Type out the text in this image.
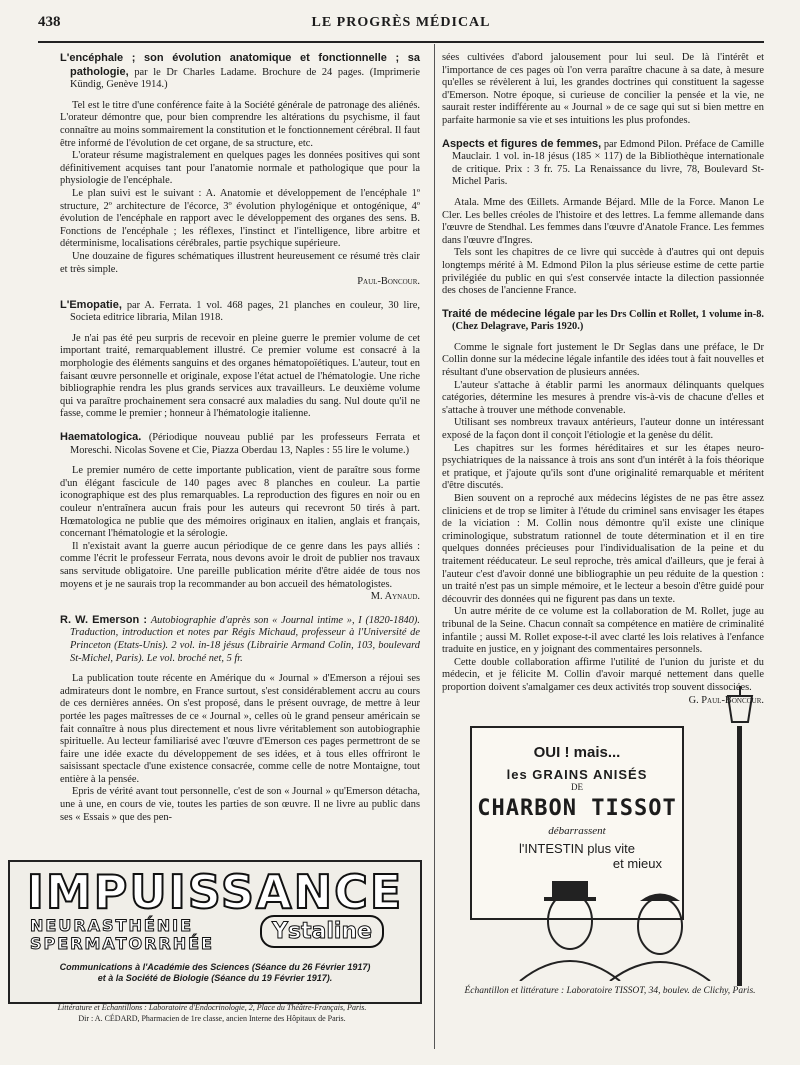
438	LE PROGRÈS MÉDICAL

L'encéphale ; son évolution anatomique et fonctionnelle ; sa pathologie, par le Dr Charles Ladame. Brochure de 24 pages. (Imprimerie Kündig, Genève 1914.)

Tel est le titre d'une conférence faite à la Société générale de patronage des aliénés. L'orateur démontre que, pour bien comprendre les altérations du psychisme, il faut connaître au moins sommairement la constitution et le fonctionnement cérébral. Il faut être informé de l'évolution de cet organe, de sa structure, etc.

L'orateur résume magistralement en quelques pages les données positives qui sont définitivement acquises tant pour l'anatomie normale et pathologique que pour la physiologie de l'encéphale.

Le plan suivi est le suivant : A. Anatomie et développement de l'encéphale 1º structure, 2º architecture de l'écorce, 3º évolution phylogénique et ontogénique, 4º évolution de l'encéphale en rapport avec le développement des organes des sens. B. Fonctions de l'encéphale ; les réflexes, l'instinct et l'intelligence, libre arbitre et déterminisme, localisations cérébrales, partie psychique supérieure.

Une douzaine de figures schématiques illustrent heureusement ce résumé très clair et très simple.

Paul-Boncour.

L'Emopatie, par A. Ferrata. 1 vol. 468 pages, 21 planches en couleur, 30 lire, Societa editrice libraria, Milan 1918.

Je n'ai pas été peu surpris de recevoir en pleine guerre le premier volume de cet important traité, remarquablement illustré. Ce premier volume est consacré à la morphologie des éléments sanguins et des organes hématopoïétiques. L'auteur, tout en faisant œuvre personnelle et originale, expose l'état actuel de l'hématologie. Une riche bibliographie rendra les plus grands services aux travailleurs. Le deuxième volume qui va paraître prochainement sera consacré aux maladies du sang. Nul doute qu'il ne fasse, comme le premier ; honneur à l'hématologie italienne.

Haematologica. (Périodique nouveau publié par les professeurs Ferrata et Moreschi. Nicolas Sovene et Cie, Piazza Oberdau 13, Naples : 55 lire le volume.)

Le premier numéro de cette importante publication, vient de paraître sous forme d'un élégant fascicule de 140 pages avec 8 planches en couleur. La partie iconographique est des plus remarquables. La reproduction des figures en noir ou en couleur n'entraînera aucun frais pour les auteurs qui recevront 50 tirés à part. Hœmatologica ne publie que des mémoires originaux en italien, anglais et français, concernant l'hématologie et la sérologie.

Il n'existait avant la guerre aucun périodique de ce genre dans les pays alliés : comme l'écrit le professeur Ferrata, nous devons avoir le droit de publier nos travaux sans servitude obligatoire. Une pareille publication mérite d'être aidée de tous nos moyens et je ne saurais trop la recommander au bon accueil des hématologistes.

M. Aynaud.

R. W. Emerson : Autobiographie d'après son « Journal intime », I (1820-1840). Traduction, introduction et notes par Régis Michaud, professeur à l'Université de Princeton (Etats-Unis). 2 vol. in-18 jésus (Librairie Armand Colin, 103, boulevard St-Michel, Paris). Le vol. broché net, 5 fr.

La publication toute récente en Amérique du « Journal » d'Emerson a réjoui ses admirateurs dont le nombre, en France surtout, s'est considérablement accru au cours de ces dernières années. On s'est proposé, dans le présent ouvrage, de mettre à leur portée les pages maîtresses de ce « Journal », celles où le grand penseur américain se fait connaître à nous plus directement et nous livre véritablement son autobiographie spirituelle. Au lecteur familiarisé avec l'œuvre d'Emerson ces pages permettront de se faire une idée exacte du développement de ses idées, et à tous elles offriront le saisissant spectacle d'une existence consacrée, comme celle de notre Montaigne, tout entière à la pensée.

Epris de vérité avant tout personnelle, c'est de son « Journal » qu'Emerson détacha, une à une, en cours de vie, toutes les parties de son œuvre. Il ne livre au public dans ses « Essais » que des pen-

sées cultivées d'abord jalousement pour lui seul. De là l'intérêt et l'importance de ces pages où l'on verra paraître chacune à sa date, à mesure qu'elles se révèlerent à lui, les grandes doctrines qui constituent la sagesse d'Emerson. Notre époque, si curieuse de concilier la pensée et la vie, ne saurait rester indifférente au « Journal » de ce sage qui sut si bien mettre en parfaite harmonie sa vie et ses intuitions les plus profondes.

Aspects et figures de femmes, par Edmond Pilon. Préface de Camille Mauclair. 1 vol. in-18 jésus (185 × 117) de la Bibliothèque internationale de critique. Prix : 3 fr. 75. La Renaissance du livre, 78, Boulevard St-Michel Paris.

Atala. Mme des Œillets. Armande Béjard. Mlle de la Force. Manon Le Cler. Les belles créoles de l'histoire et des lettres. La femme allemande dans l'œuvre de Stendhal. Les femmes dans l'œuvre d'Anatole France. Les femmes dans l'œuvre d'Ingres.

Tels sont les chapitres de ce livre qui succède à d'autres qui ont depuis longtemps mérité à M. Edmond Pilon la plus sérieuse estime de cette partie privilégiée du public en qui s'est conservée intacte la dilection passionnée des choses de l'ancienne France.

Traité de médecine légale par les Drs Collin et Rollet, 1 volume in-8. (Chez Delagrave, Paris 1920.)

Comme le signale fort justement le Dr Seglas dans une préface, le Dr Collin donne sur la médecine légale infantile des idées tout à fait nouvelles et résultant d'une observation de plusieurs années.

L'auteur s'attache à établir parmi les anormaux délinquants quelques catégories, détermine les mesures à prendre vis-à-vis de chacune d'elles et s'attache à trouver une méthode convenable.

Utilisant ses nombreux travaux antérieurs, l'auteur donne un intéressant exposé de la façon dont il conçoit l'étiologie et la genèse du délit.

Les chapitres sur les formes héréditaires et sur les étapes neuro-psychiatriques de la naissance à trois ans sont d'un intérêt à la fois théorique et pratique, et j'ajoute qu'ils sont d'une originalité remarquable et méritent d'être discutés.

Bien souvent on a reproché aux médecins légistes de ne pas être assez cliniciens et de trop se limiter à l'étude du criminel sans envisager les étapes de la viciation : M. Collin nous démontre qu'il existe une clinique criminologique, substratum rationnel de toute détermination et il en tire quelques données précieuses pour l'individualisation de la peine et du traitement rééducateur. Le seul reproche, très amical d'ailleurs, que je ferai à l'auteur c'est d'avoir donné une bibliographie un peu réduite de la question : un traité n'est pas un simple mémoire, et le lecteur a besoin d'être guidé pour découvrir des données qui ne figurent pas dans un texte.

Un autre mérite de ce volume est la collaboration de M. Rollet, juge au tribunal de la Seine. Chacun connaît sa compétence en matière de criminalité infantile ; aussi M. Rollet expose-t-il avec clarté les lois relatives à l'enfance traduite en justice, en y joignant des commentaires personnels.

Cette double collaboration affirme l'utilité de l'union du juriste et du médecin, et je félicite M. Collin d'avoir marqué nettement dans quelle proportion doivent s'amalgamer ces deux activités trop souvent dissociées.

G. Paul-Boncour.

IMPUISSANCE
NEURASTHÉNIE
SPERMATORRHÉE	Ystaline
Communications à l'Académie des Sciences (Séance du 26 Février 1917)
et à la Société de Biologie (Séance du 19 Février 1917).
Littérature et Echantillons : Laboratoire d'Endocrinologie, 2, Place du Théâtre-Français, Paris.
Dir : A. CÉDARD, Pharmacien de 1re classe, ancien Interne des Hôpitaux de Paris.
OUI ! mais...
les GRAINS ANISÉS
DE
CHARBON TISSOT
débarrassent
l'INTESTIN plus vite
et mieux
Échantillon et littérature : Laboratoire TISSOT, 34, boulev. de Clichy, Paris.
